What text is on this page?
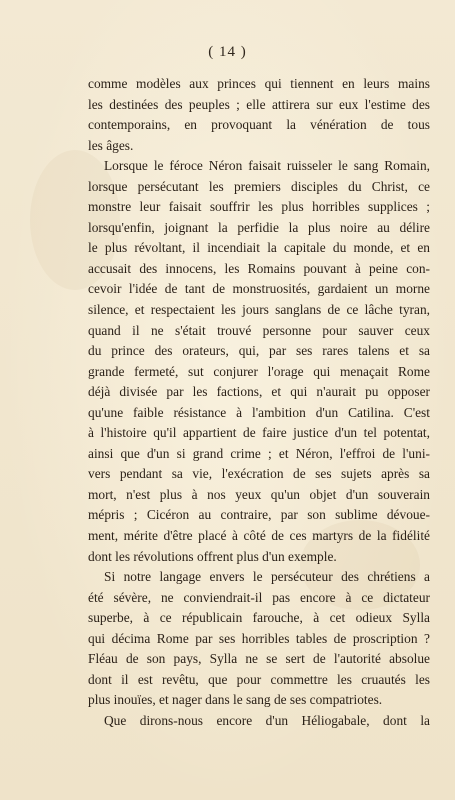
( 14 )
comme modèles aux princes qui tiennent en leurs mains
les destinées des peuples ; elle attirera sur eux l'estime des
contemporains, en provoquant la vénération de tous
les âges.
Lorsque le féroce Néron faisait ruisseler le sang Romain,
lorsque persécutant les premiers disciples du Christ, ce
monstre leur faisait souffrir les plus horribles supplices ;
lorsqu'enfin, joignant la perfidie la plus noire au délire
le plus révoltant, il incendiait la capitale du monde, et en
accusait des innocens, les Romains pouvant à peine con-
cevoir l'idée de tant de monstruosités, gardaient un morne
silence, et respectaient les jours sanglans de ce lâche tyran,
quand il ne s'était trouvé personne pour sauver ceux
du prince des orateurs, qui, par ses rares talens et sa
grande fermeté, sut conjurer l'orage qui menaçait Rome
déjà divisée par les factions, et qui n'aurait pu opposer
qu'une faible résistance à l'ambition d'un Catilina. C'est
à l'histoire qu'il appartient de faire justice d'un tel potentat,
ainsi que d'un si grand crime ; et Néron, l'effroi de l'uni-
vers pendant sa vie, l'exécration de ses sujets après sa
mort, n'est plus à nos yeux qu'un objet d'un souverain
mépris ; Cicéron au contraire, par son sublime dévoue-
ment, mérite d'être placé à côté de ces martyrs de la fidélité
dont les révolutions offrent plus d'un exemple.
Si notre langage envers le persécuteur des chrétiens a
été sévère, ne conviendrait-il pas encore à ce dictateur
superbe, à ce républicain farouche, à cet odieux Sylla
qui décima Rome par ses horribles tables de proscription ?
Fléau de son pays, Sylla ne se sert de l'autorité absolue
dont il est revêtu, que pour commettre les cruautés les
plus inouïes, et nager dans le sang de ses compatriotes.
Que dirons-nous encore d'un Héliogabale, dont la
